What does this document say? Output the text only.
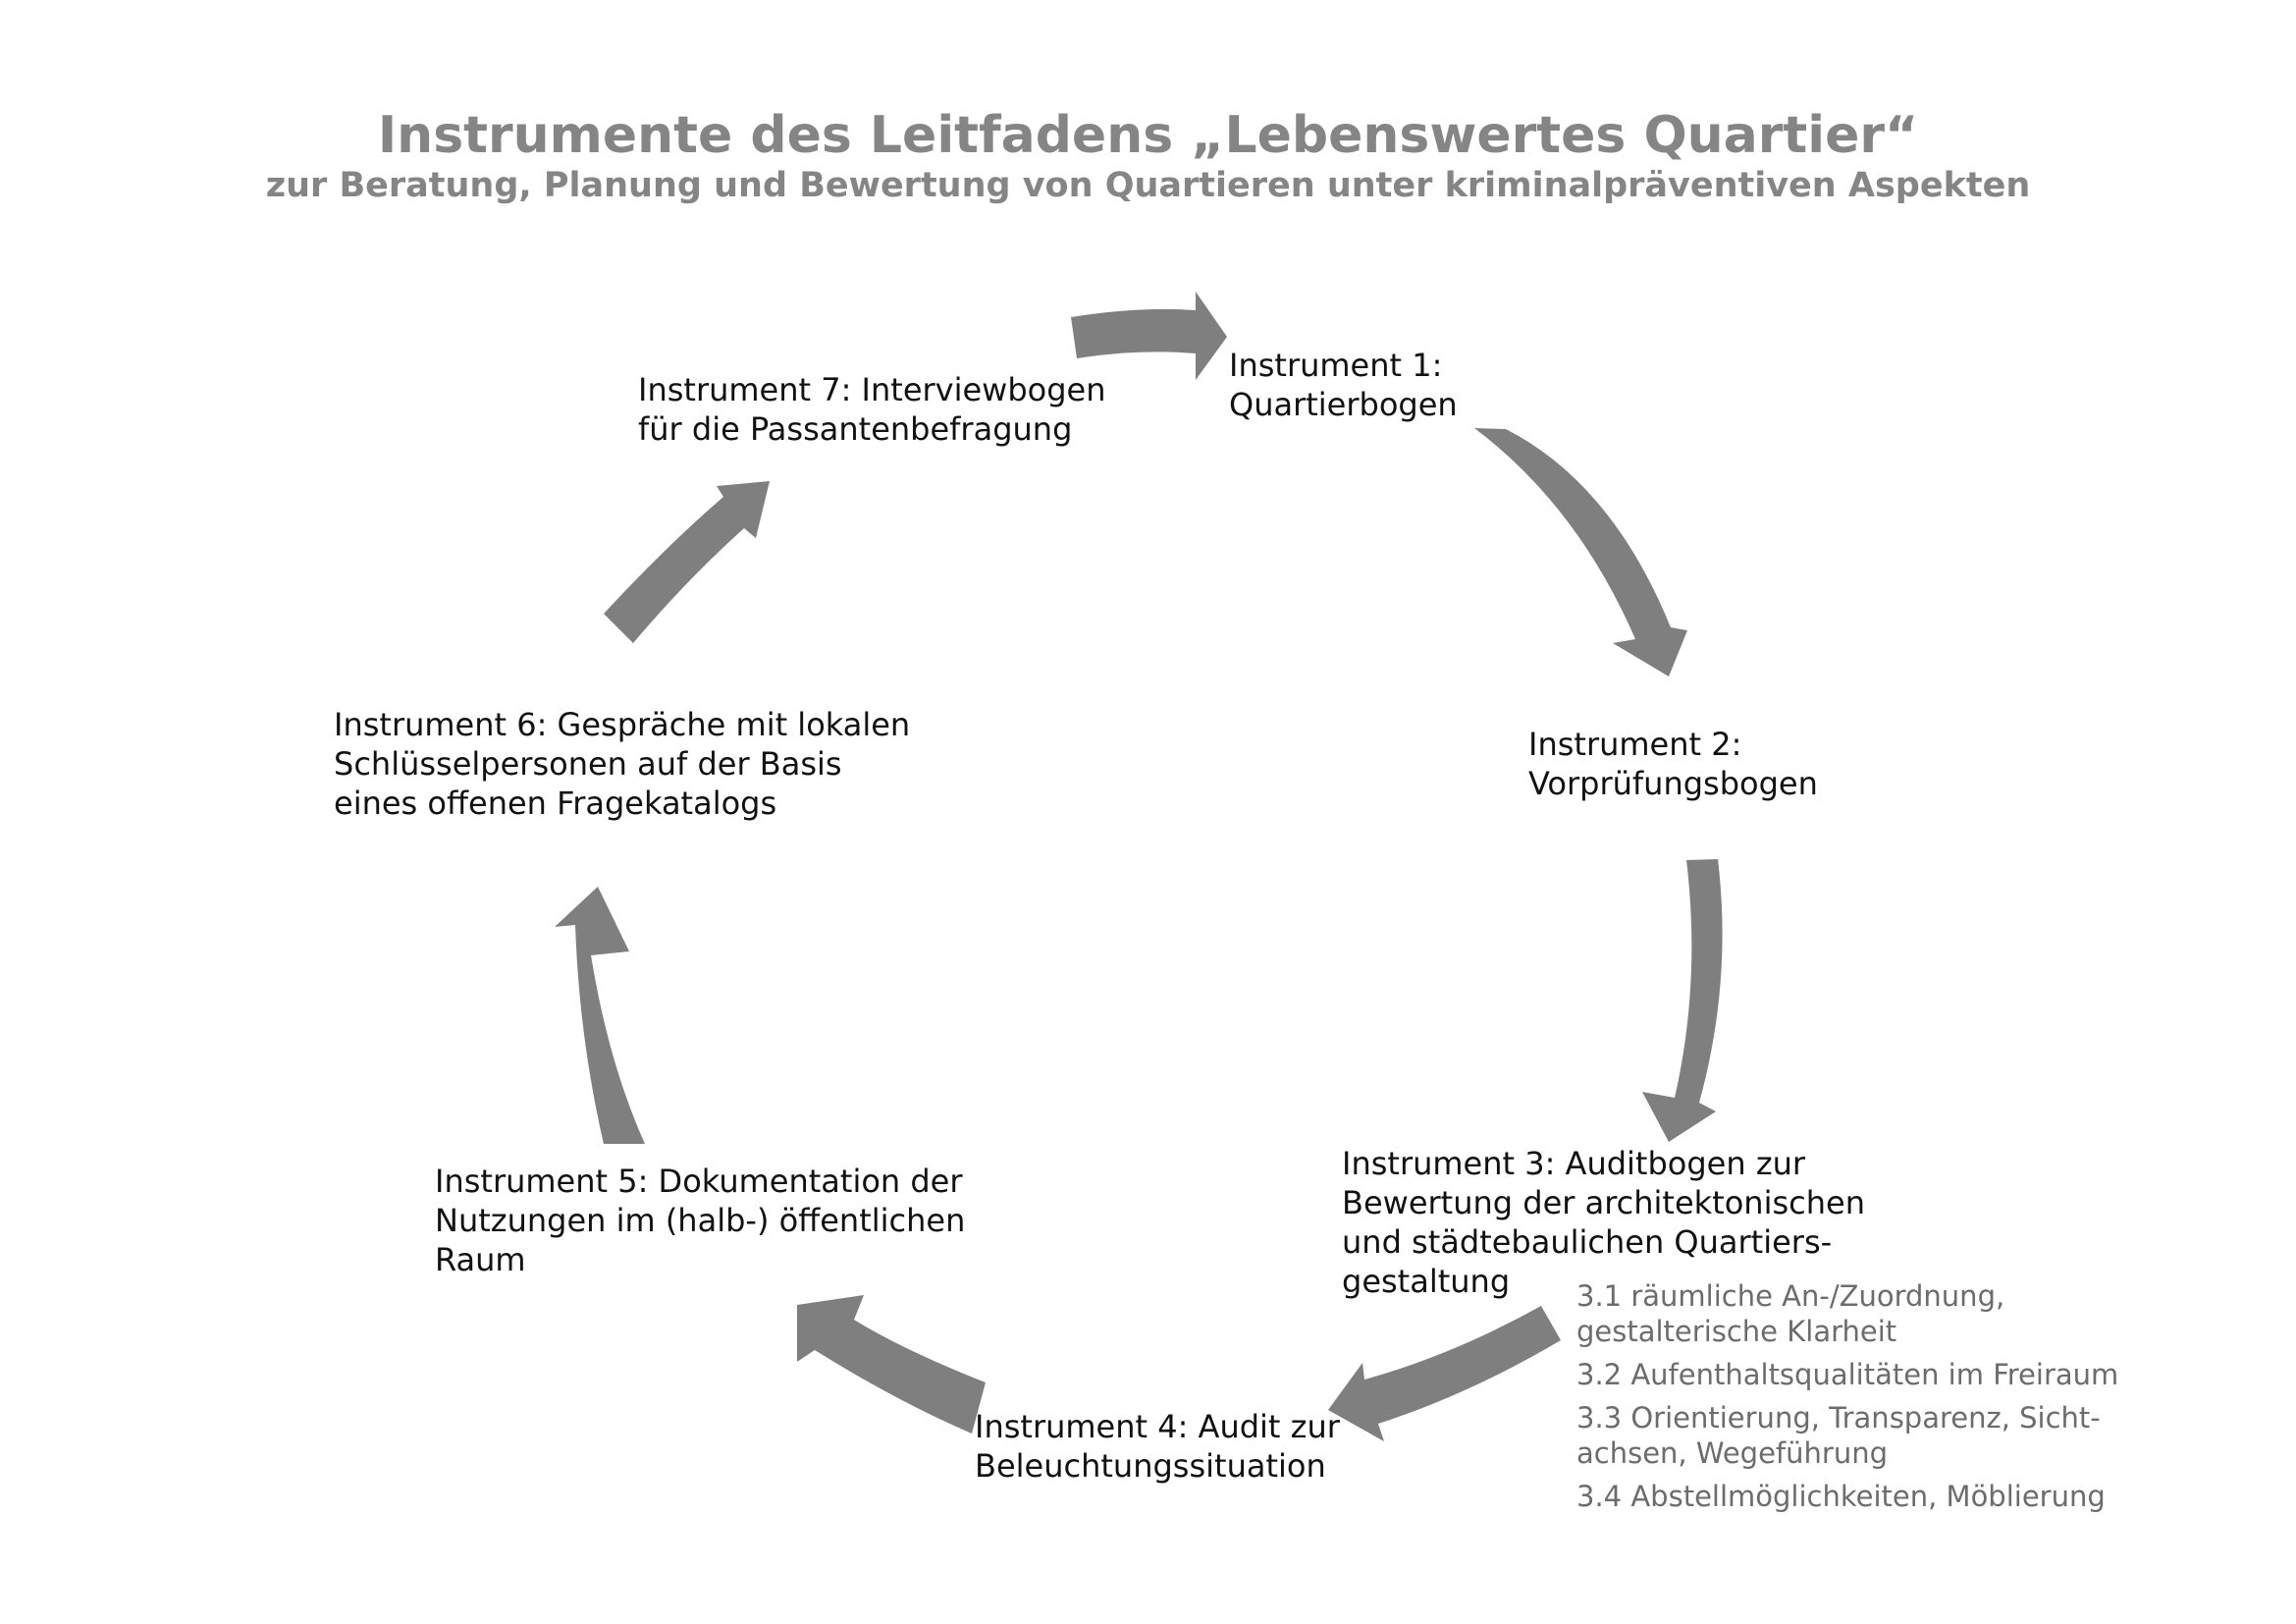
Instrumente des Leitfadens „Lebenswertes Quartier“
zur Beratung, Planung und Bewertung von Quartieren unter kriminalpräventiven Aspekten
Instrument 1:
Quartierbogen
Instrument 2:
Vorprüfungsbogen
Instrument 3: Auditbogen zur
Bewertung der architektonischen
und städtebaulichen Quartiers-
gestaltung
Instrument 4: Audit zur
Beleuchtungssituation
Instrument 5: Dokumentation der
Nutzungen im (halb-) öffentlichen
Raum
Instrument 6: Gespräche mit lokalen
Schlüsselpersonen auf der Basis
eines offenen Fragekatalogs
Instrument 7: Interviewbogen
für die Passantenbefragung
3.1 räumliche An-/Zuordnung,
gestalterische Klarheit
3.2 Aufenthaltsqualitäten im Freiraum
3.3 Orientierung, Transparenz, Sicht-
achsen, Wegeführung
3.4 Abstellmöglichkeiten, Möblierung
